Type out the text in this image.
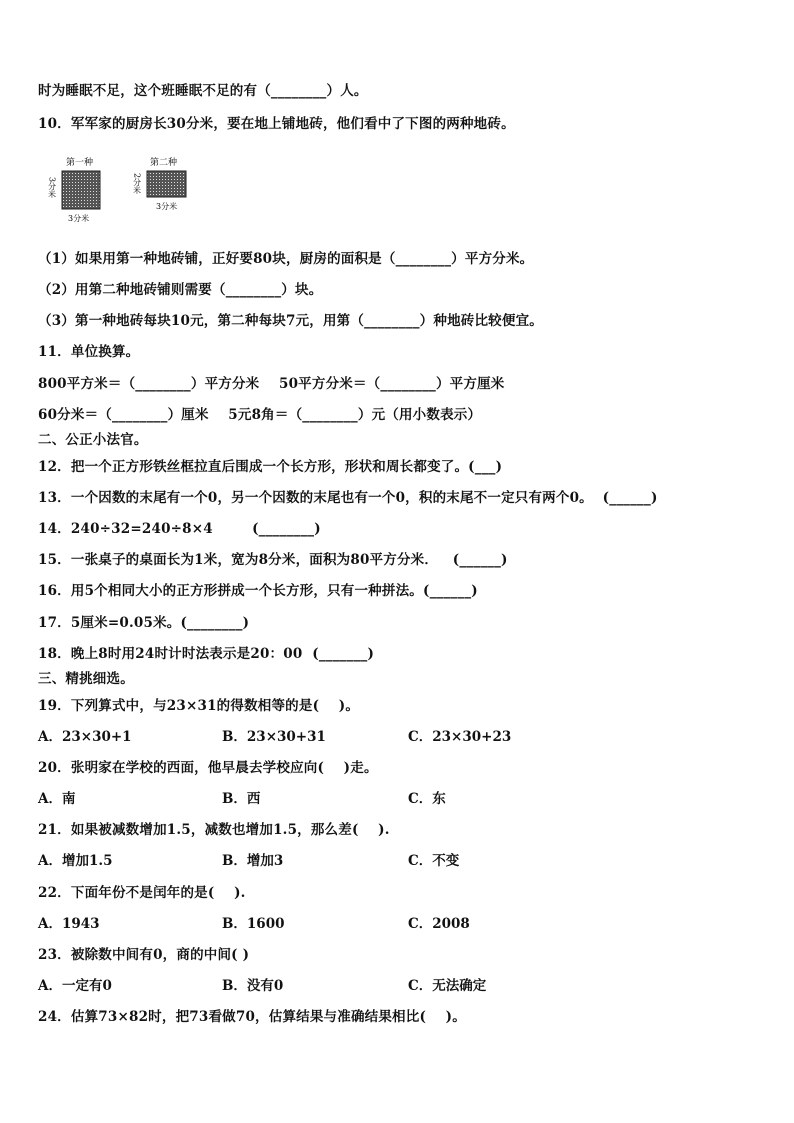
时为睡眠不足，这个班睡眠不足的有（________）人。
10．军军家的厨房长30分米，要在地上铺地砖，他们看中了下图的两种地砖。
第一种
3分米
3分米
第二种
2分米
3分米
（1）如果用第一种地砖铺，正好要80块，厨房的面积是（________）平方分米。
（2）用第二种地砖铺则需要（________）块。
（3）第一种地砖每块10元，第二种每块7元，用第（________）种地砖比较便宜。
11．单位换算。
800平方米＝（________）平方分米    50平方分米＝（________）平方厘米
60分米＝（________）厘米    5元8角＝（________）元（用小数表示）
二、公正小法官。
12．把一个正方形铁丝框拉直后围成一个长方形，形状和周长都变了。(___)
13．一个因数的末尾有一个0，另一个因数的末尾也有一个0，积的末尾不一定只有两个0。  (______)
14．240÷32=240÷8×4        (________)
15．一张桌子的桌面长为1米，宽为8分米，面积为80平方分米．   (______)
16．用5个相同大小的正方形拼成一个长方形，只有一种拼法。(______)
17．5厘米=0.05米。(________)
18．晚上8时用24时计时法表示是20：00  (_______)
三、精挑细选。
19．下列算式中，与23×31的得数相等的是(    )。
A．23×30+1	B．23×30+31	C．23×30+23
20．张明家在学校的西面，他早晨去学校应向(    )走。
A．南	B．西	C．东
21．如果被减数增加1.5，减数也增加1.5，那么差(    ).
A．增加1.5	B．增加3	C．不变
22．下面年份不是闰年的是(    ).
A．1943	B．1600	C．2008
23．被除数中间有0，商的中间( )
A．一定有0	B．没有0	C．无法确定
24．估算73×82时，把73看做70，估算结果与准确结果相比(    )。
